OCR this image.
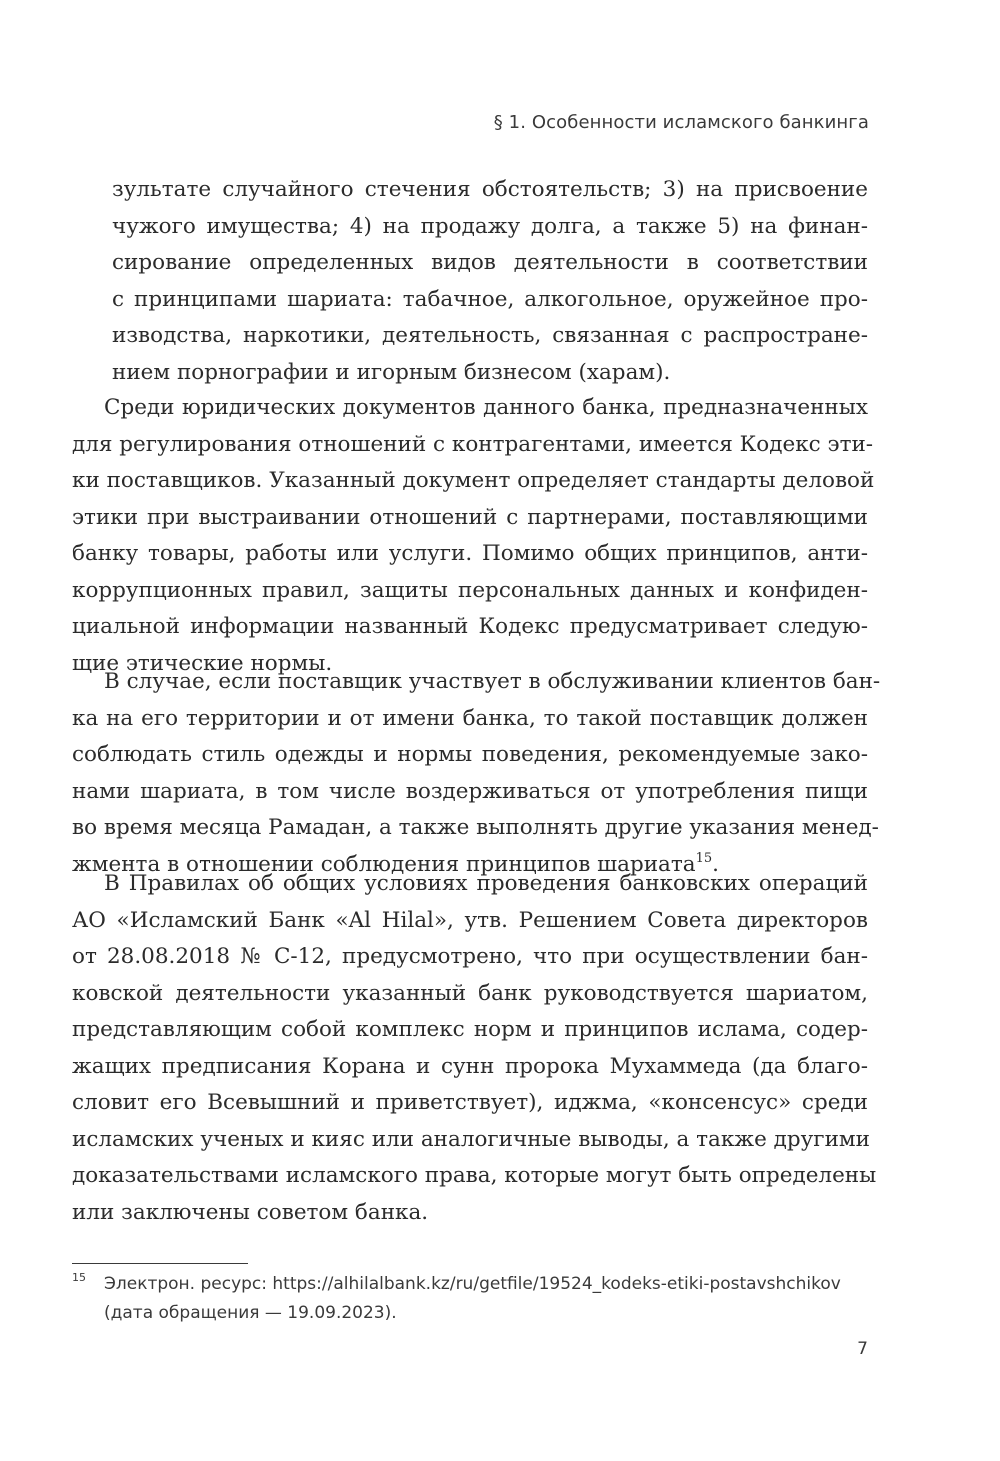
§ 1. Особенности исламского банкинга
зультате случайного стечения обстоятельств; 3) на присвоение
чужого имущества; 4) на продажу долга, а также 5) на финан-
сирование определенных видов деятельности в соответствии
с принципами шариата: табачное, алкогольное, оружейное про-
изводства, наркотики, деятельность, связанная с распростране-
нием порнографии и игорным бизнесом (харам).
Среди юридических документов данного банка, предназначенных
для регулирования отношений с контрагентами, имеется Кодекс эти-
ки поставщиков. Указанный документ определяет стандарты деловой
этики при выстраивании отношений с партнерами, поставляющими
банку товары, работы или услуги. Помимо общих принципов, анти-
коррупционных правил, защиты персональных данных и конфиден-
циальной информации названный Кодекс предусматривает следую-
щие этические нормы.
В случае, если поставщик участвует в обслуживании клиентов бан-
ка на его территории и от имени банка, то такой поставщик должен
соблюдать стиль одежды и нормы поведения, рекомендуемые зако-
нами шариата, в том числе воздерживаться от употребления пищи
во время месяца Рамадан, а также выполнять другие указания менед-
жмента в отношении соблюдения принципов шариата$^{15}$.
В Правилах об общих условиях проведения банковских операций
АО «Исламский Банк «Al Hilal», утв. Решением Совета директоров
от 28.08.2018 № С-12, предусмотрено, что при осуществлении бан-
ковской деятельности указанный банк руководствуется шариатом,
представляющим собой комплекс норм и принципов ислама, содер-
жащих предписания Корана и сунн пророка Мухаммеда (да благо-
словит его Всевышний и приветствует), иджма, «консенсус» среди
исламских ученых и кияс или аналогичные выводы, а также другими
доказательствами исламского права, которые могут быть определены
или заключены советом банка.
15 Электрон. ресурс: https://alhilalbank.kz/ru/getfile/19524_kodeks-etiki-postavshchikov
(дата обращения — 19.09.2023).
7
